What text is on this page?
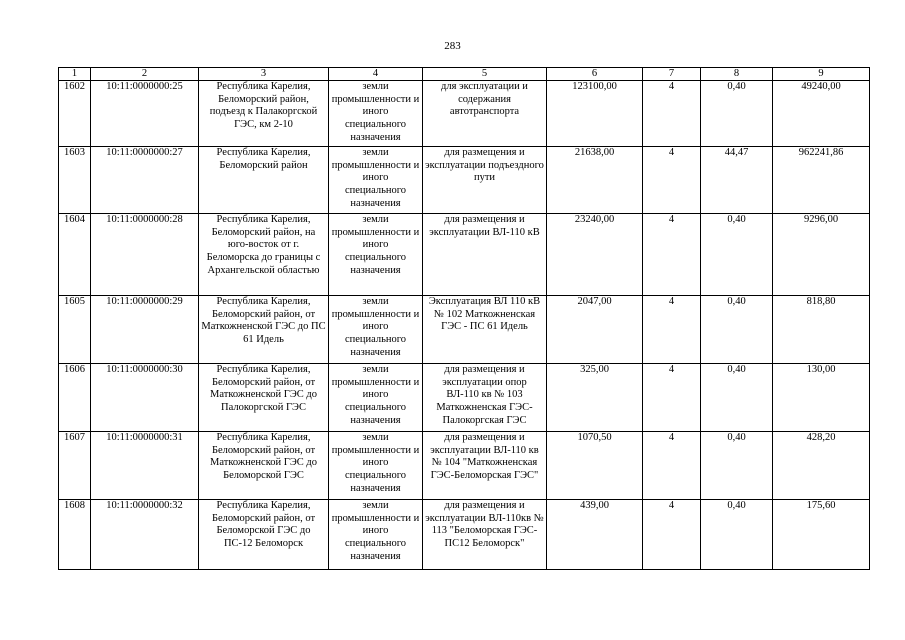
283
1	2	3	4	5	6	7	8	9
1602	10:11:0000000:25	Республика Карелия, Беломорский район, подъезд к Палакоргской ГЭС, км 2-10	земли промышленности и иного специального назначения	для эксплуатации и содержания автотранспорта	123100,00	4	0,40	49240,00
1603	10:11:0000000:27	Республика Карелия, Беломорский район	земли промышленности и иного специального назначения	для размещения и эксплуатации подъездного пути	21638,00	4	44,47	962241,86
1604	10:11:0000000:28	Республика Карелия, Беломорский район, на юго-восток от г. Беломорска до границы с Архангельской областью	земли промышленности и иного специального назначения	для размещения и эксплуатации ВЛ-110 кВ	23240,00	4	0,40	9296,00
1605	10:11:0000000:29	Республика Карелия, Беломорский район, от Маткожненской ГЭС до ПС 61 Идель	земли промышленности и иного специального назначения	Эксплуатация ВЛ 110 кВ № 102 Маткожненская ГЭС - ПС 61 Идель	2047,00	4	0,40	818,80
1606	10:11:0000000:30	Республика Карелия, Беломорский район, от Маткожненской ГЭС до Палокоргской ГЭС	земли промышленности и иного специального назначения	для размещения и эксплуатации опор ВЛ-110 кв № 103 Маткожненская ГЭС-Палокоргская ГЭС	325,00	4	0,40	130,00
1607	10:11:0000000:31	Республика Карелия, Беломорский район, от Маткожненской ГЭС до Беломорской ГЭС	земли промышленности и иного специального назначения	для размещения и эксплуатации ВЛ-110 кв № 104 "Маткожненская ГЭС-Беломорская ГЭС"	1070,50	4	0,40	428,20
1608	10:11:0000000:32	Республика Карелия, Беломорский район, от Беломорской ГЭС до ПС-12 Беломорск	земли промышленности и иного специального назначения	для размещения и эксплуатации ВЛ-110кв № 113 "Беломорская ГЭС-ПС12 Беломорск"	439,00	4	0,40	175,60
